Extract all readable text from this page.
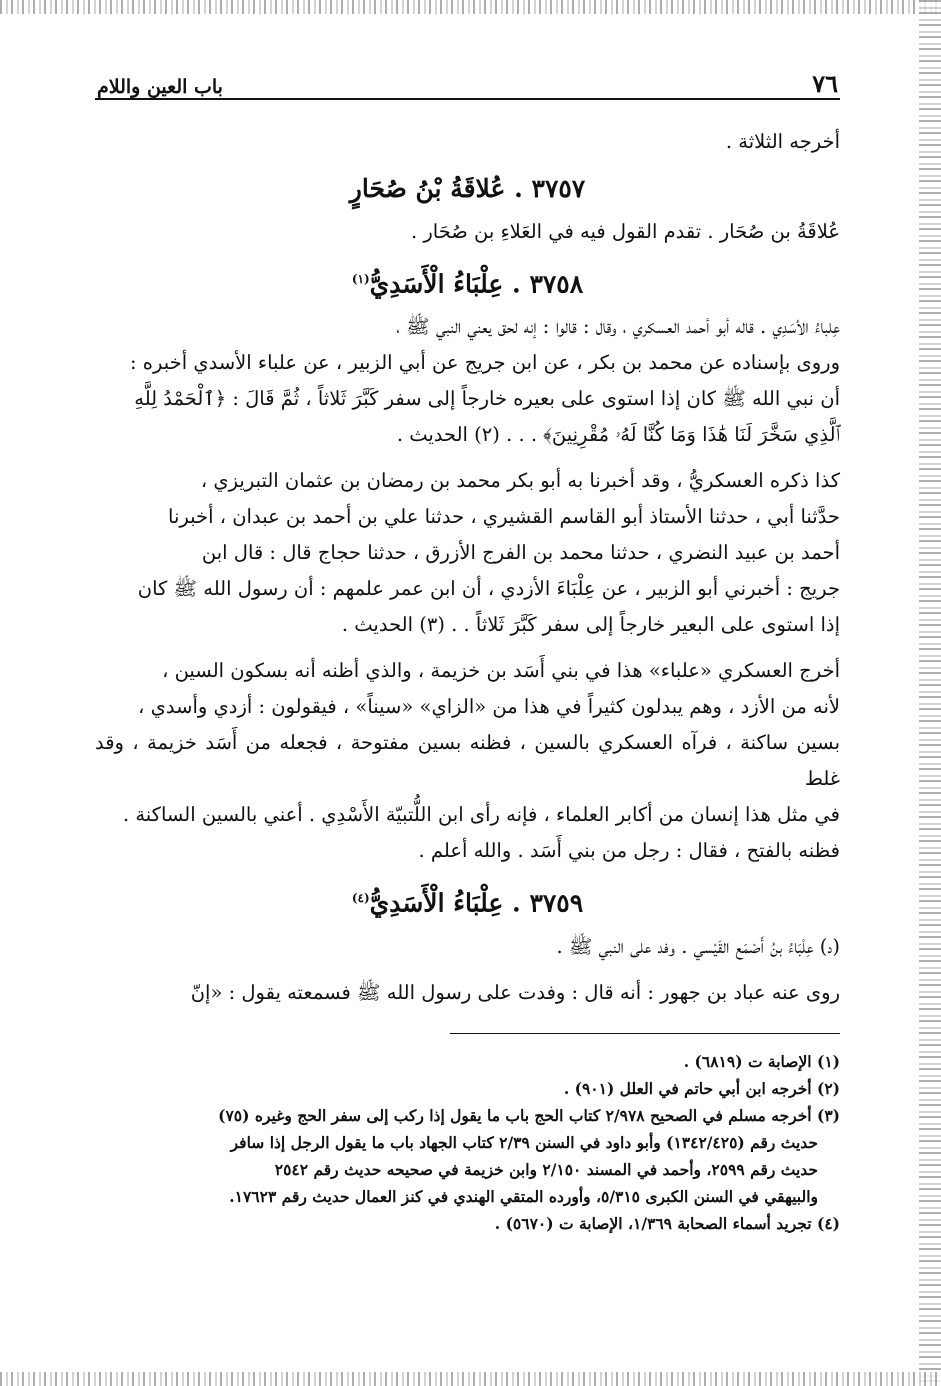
٧٦
باب العين واللام

أخرجه الثلاثة .

٣٧٥٧ . عُلاقَةُ بْنُ صُحَارٍ

عُلاقَةُ بن صُحَار . تقدم القول فيه في العَلاءِ بن صُحَار .

٣٧٥٨ . عِلْبَاءُ الْأَسَدِيُّ$^{(١)}$

عِلباءُ الأسَدِي . قاله أبو أحمد العسكري ، وقال : قالوا : إنه لحق يعني النبي ﷺ ،

وروى بإسناده عن محمد بن بكر ، عن ابن جريج عن أبي الزبير ، عن علباء الأسدي أخبره :

أن نبي الله ﷺ كان إذا استوى على بعيره خارجاً إلى سفر كَبَّرَ ثَلاثاً ، ثُمَّ قَالَ : ﴿ٱلْحَمْدُ لِلَّهِ

ٱلَّذِي سَخَّرَ لَنَا هَٰذَا وَمَا كُنَّا لَهُۥ مُقْرِنِينَ﴾ . . . (٢) الحديث .

كذا ذكره العسكريُّ ، وقد أخبرنا به أبو بكر محمد بن رمضان بن عثمان التبريزي ،

حدَّثنا أبي ، حدثنا الأستاذ أبو القاسم القشيري ، حدثنا علي بن أحمد بن عبدان ، أخبرنا

أحمد بن عبيد النضري ، حدثنا محمد بن الفرج الأزرق ، حدثنا حجاج قال : قال ابن

جريج : أخبرني أبو الزبير ، عن عِلْبَاءَ الأزدي ، أن ابن عمر علمهم : أن رسول الله ﷺ كان

إذا استوى على البعير خارجاً إلى سفر كَبَّرَ ثَلاثاً . . (٣) الحديث .

أخرج العسكري «علباء» هذا في بني أَسَد بن خزيمة ، والذي أظنه أنه بسكون السين ،

لأنه من الأزد ، وهم يبدلون كثيراً في هذا من «الزاي» «سيناً» ، فيقولون : أزدي وأسدي ،

بسين ساكنة ، فرآه العسكري بالسين ، فظنه بسين مفتوحة ، فجعله من أَسَد خزيمة ، وقد غلط

في مثل هذا إنسان من أكابر العلماء ، فإنه رأى ابن اللُّتبيّة الأَسْدِي . أعني بالسين الساكنة .

فظنه بالفتح ، فقال : رجل من بني أَسَد . والله أعلم .

٣٧٥٩ . عِلْبَاءُ الْأَسَدِيُّ$^{(٤)}$

(د) عِلْبَاءُ بنُ أَصْمَع القَيْسي . وفد على النبي ﷺ .

روى عنه عباد بن جهور : أنه قال : وفدت على رسول الله ﷺ فسمعته يقول : «إنّ

(١) الإصابة ت (٦٨١٩) .

(٢) أخرجه ابن أبي حاتم في العلل (٩٠١) .

(٣) أخرجه مسلم في الصحيح ٢/٩٧٨ كتاب الحج باب ما يقول إذا ركب إلى سفر الحج وغيره (٧٥)

حديث رقم (١٣٤٢/٤٢٥) وأبو داود في السنن ٢/٣٩ كتاب الجهاد باب ما يقول الرجل إذا سافر

حديث رقم ٢٥٩٩، وأحمد في المسند ٢/١٥٠ وابن خزيمة في صحيحه حديث رقم ٢٥٤٢

والبيهقي في السنن الكبرى ٥/٣١٥، وأورده المتقي الهندي في كنز العمال حديث رقم ١٧٦٢٣.

(٤) تجريد أسماء الصحابة ١/٣٦٩، الإصابة ت (٥٦٧٠) .
